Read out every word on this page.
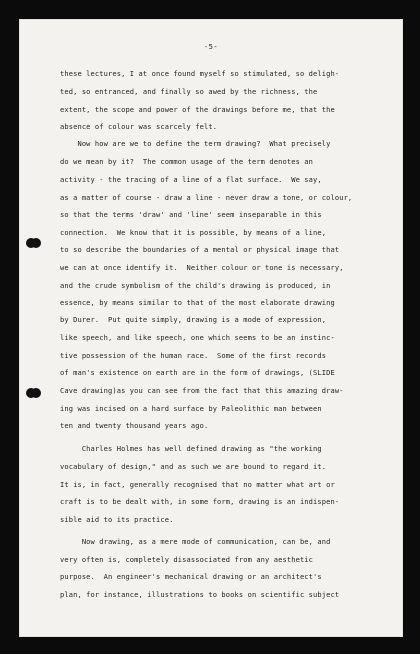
-5-

these lectures, I at once found myself so stimulated, so deligh-

ted, so entranced, and finally so awed by the richness, the

extent, the scope and power of the drawings before me, that the

absence of colour was scarcely felt.

Now how are we to define the term drawing?  What precisely

do we mean by it?  The common usage of the term denotes an

activity - the tracing of a line of a flat surface.  We say,

as a matter of course - draw a line - never draw a tone, or colour,

so that the terms 'draw' and 'line' seem inseparable in this

connection.  We know that it is possible, by means of a line,

to so describe the boundaries of a mental or physical image that

we can at once identify it.  Neither colour or tone is necessary,

and the crude symbolism of the child's drawing is produced, in

essence, by means similar to that of the most elaborate drawing

by Durer.  Put quite simply, drawing is a mode of expression,

like speech, and like speech, one which seems to be an instinc-

tive possession of the human race.  Some of the first records

of man's existence on earth are in the form of drawings, (SLIDE

Cave drawing)as you can see from the fact that this amazing draw-

ing was incised on a hard surface by Paleolithic man between

ten and twenty thousand years ago.

Charles Holmes has well defined drawing as "the working

vocabulary of design," and as such we are bound to regard it.

It is, in fact, generally recognised that no matter what art or

craft is to be dealt with, in some form, drawing is an indispen-

sible aid to its practice.

Now drawing, as a mere mode of communication, can be, and

very often is, completely disassociated from any aesthetic

purpose.  An engineer's mechanical drawing or an architect's

plan, for instance, illustrations to books on scientific subject
